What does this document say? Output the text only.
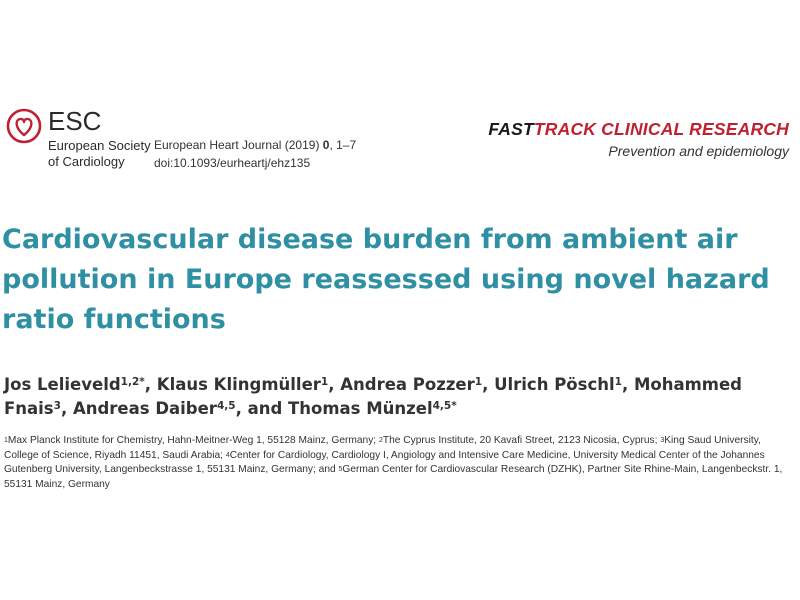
ESC
European Society
of Cardiology
European Heart Journal (2019) 0, 1–7
doi:10.1093/eurheartj/ehz135
FASTTRACK CLINICAL RESEARCH
Prevention and epidemiology
Cardiovascular disease burden from ambient air pollution in Europe reassessed using novel hazard ratio functions
Jos Lelieveld$^{1,2*}$, Klaus Klingmüller$^1$, Andrea Pozzer$^1$, Ulrich Pöschl$^1$, Mohammed Fnais$^3$, Andreas Daiber$^{4,5}$, and Thomas Münzel$^{4,5*}$
$^1$Max Planck Institute for Chemistry, Hahn-Meitner-Weg 1, 55128 Mainz, Germany; $^2$The Cyprus Institute, 20 Kavafi Street, 2123 Nicosia, Cyprus; $^3$King Saud University, College of Science, Riyadh 11451, Saudi Arabia; $^4$Center for Cardiology, Cardiology I, Angiology and Intensive Care Medicine, University Medical Center of the Johannes Gutenberg University, Langenbeckstrasse 1, 55131 Mainz, Germany; and $^5$German Center for Cardiovascular Research (DZHK), Partner Site Rhine-Main, Langenbeckstr. 1, 55131 Mainz, Germany
